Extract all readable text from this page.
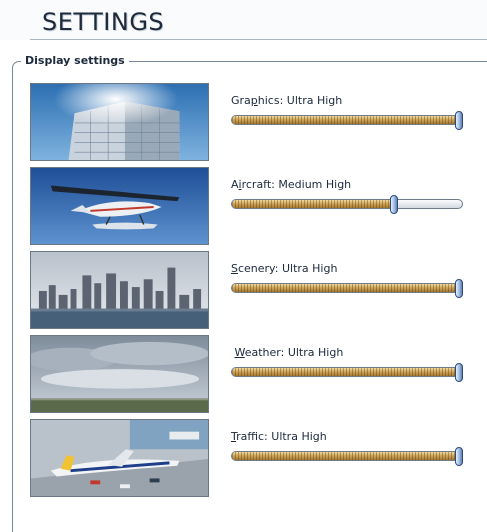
SETTINGS
Display settings
Graphics: Ultra High
Aircraft: Medium High
Scenery: Ultra High
Weather: Ultra High
Traffic: Ultra High
